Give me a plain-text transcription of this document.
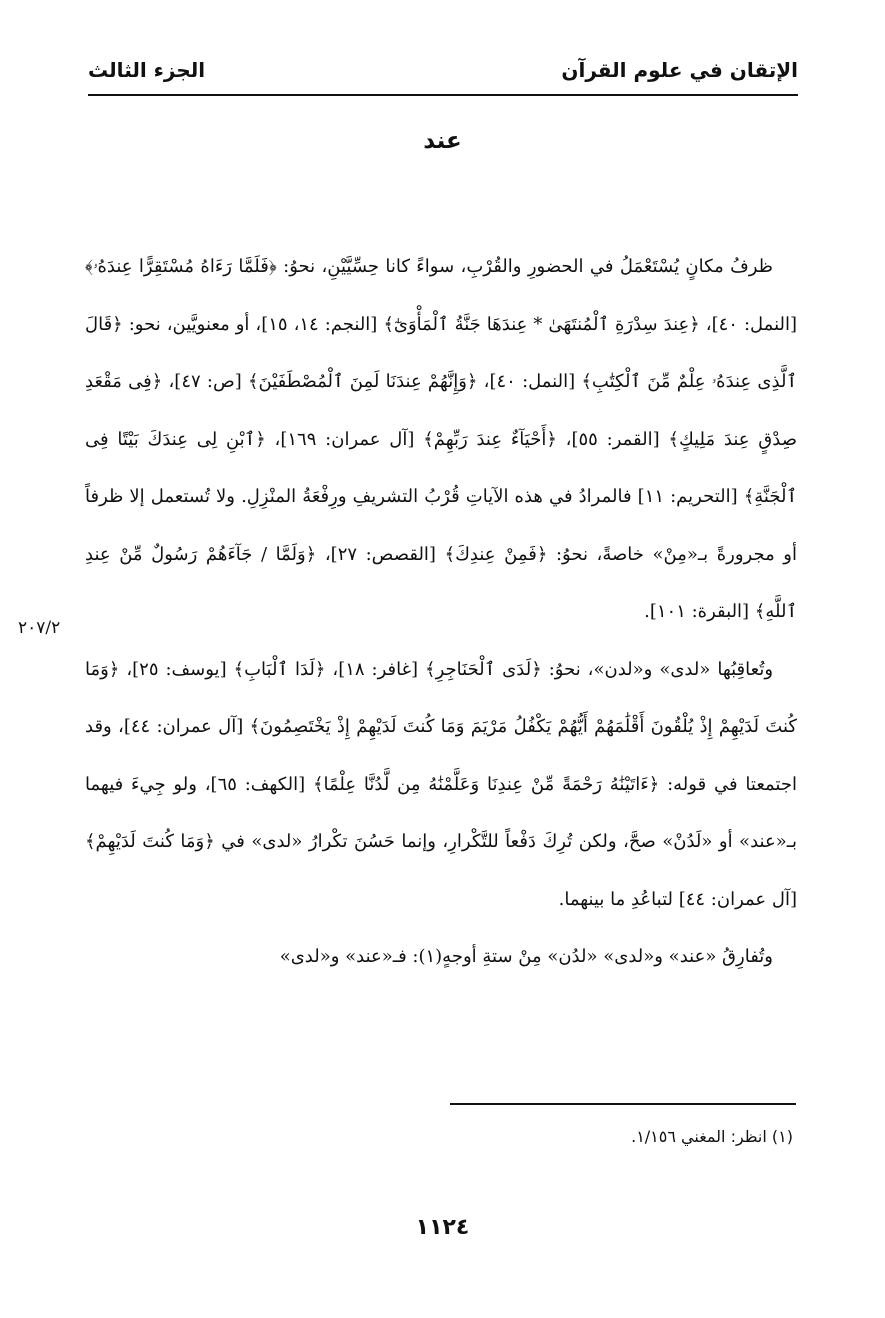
الإتقان في علوم القرآن
الجزء الثالث
عند
٢٠٧/٢

ظرفُ مكانٍ يُسْتَعْمَلُ في الحضورِ والقُرْبِ، سواءً كانا حِسِّيَّيْنِ، نحوُ: ﴿فَلَمَّا رَءَاهُ مُسْتَقِرًّا عِندَهُۥ﴾ [النمل: ٤٠]، ﴿عِندَ سِدْرَةِ ٱلْمُنتَهَىٰ * عِندَهَا جَنَّةُ ٱلْمَأْوَىٰٓ﴾ [النجم: ١٤، ١٥]، أو معنويَّين، نحو: ﴿قَالَ ٱلَّذِى عِندَهُۥ عِلْمٌ مِّنَ ٱلْكِتَٰبِ﴾ [النمل: ٤٠]، ﴿وَإِنَّهُمْ عِندَنَا لَمِنَ ٱلْمُصْطَفَيْنَ﴾ [ص: ٤٧]، ﴿فِى مَقْعَدِ صِدْقٍ عِندَ مَلِيكٍ﴾ [القمر: ٥٥]، ﴿أَحْيَآءٌ عِندَ رَبِّهِمْ﴾ [آل عمران: ١٦٩]، ﴿ٱبْنِ لِى عِندَكَ بَيْتًا فِى ٱلْجَنَّةِ﴾ [التحريم: ١١] فالمرادُ في هذه الآياتِ قُرْبُ التشريفِ ورِفْعَةُ المنْزِلِ. ولا تُستعمل إلا ظرفاً أو مجرورةً بـ«مِنْ» خاصةً، نحوُ: ﴿فَمِنْ عِندِكَ﴾ [القصص: ٢٧]، ﴿وَلَمَّا / جَآءَهُمْ رَسُولٌ مِّنْ عِندِ ٱللَّهِ﴾ [البقرة: ١٠١].

وتُعاقِبُها «لدى» و«لدن»، نحوُ: ﴿لَدَى ٱلْحَنَاجِرِ﴾ [غافر: ١٨]، ﴿لَدَا ٱلْبَابِ﴾ [يوسف: ٢٥]، ﴿وَمَا كُنتَ لَدَيْهِمْ إِذْ يُلْقُونَ أَقْلَٰمَهُمْ أَيُّهُمْ يَكْفُلُ مَرْيَمَ وَمَا كُنتَ لَدَيْهِمْ إِذْ يَخْتَصِمُونَ﴾ [آل عمران: ٤٤]، وقد اجتمعتا في قوله: ﴿ءَاتَيْنَٰهُ رَحْمَةً مِّنْ عِندِنَا وَعَلَّمْنَٰهُ مِن لَّدُنَّا عِلْمًا﴾ [الكهف: ٦٥]، ولو جِيءَ فيهما بـ«عند» أو «لَدُنْ» صحَّ، ولكن تُرِكَ دَفْعاً للتَّكْرارِ، وإنما حَسُنَ تكْرارُ «لدى» في ﴿وَمَا كُنتَ لَدَيْهِمْ﴾ [آل عمران: ٤٤] لتباعُدِ ما بينهما.

وتُفارِقُ «عند» و«لدى» «لدُن» مِنْ ستةِ أوجهٍ(١): فـ«عند» و«لدى»

(١) انظر: المغني ١/١٥٦.
١١٢٤
